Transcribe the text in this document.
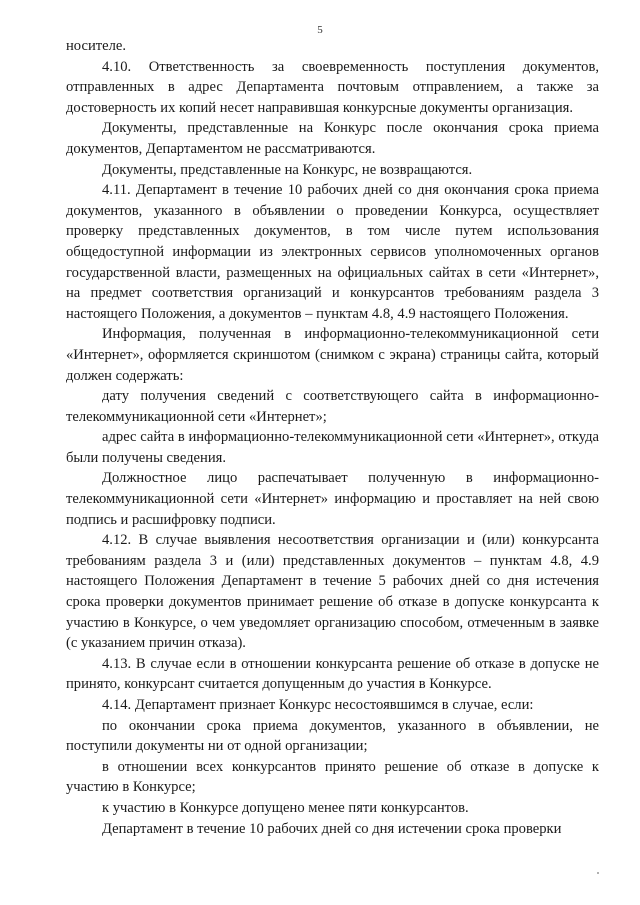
5

носителе.

4.10. Ответственность за своевременность поступления документов, отправленных в адрес Департамента почтовым отправлением, а также за достоверность их копий несет направившая конкурсные документы организация.

Документы, представленные на Конкурс после окончания срока приема документов, Департаментом не рассматриваются.

Документы, представленные на Конкурс, не возвращаются.

4.11. Департамент в течение 10 рабочих дней со дня окончания срока приема документов, указанного в объявлении о проведении Конкурса, осуществляет проверку представленных документов, в том числе путем использования общедоступной информации из электронных сервисов уполномоченных органов государственной власти, размещенных на официальных сайтах в сети «Интернет», на предмет соответствия организаций и конкурсантов требованиям раздела 3 настоящего Положения, а документов – пунктам 4.8, 4.9 настоящего Положения.

Информация, полученная в информационно-телекоммуникационной сети «Интернет», оформляется скриншотом (снимком с экрана) страницы сайта, который должен содержать:

дату получения сведений с соответствующего сайта в информационно-телекоммуникационной сети «Интернет»;

адрес сайта в информационно-телекоммуникационной сети «Интернет», откуда были получены сведения.

Должностное лицо распечатывает полученную в информационно-телекоммуникационной сети «Интернет» информацию и проставляет на ней свою подпись и расшифровку подписи.

4.12. В случае выявления несоответствия организации и (или) конкурсанта требованиям раздела 3 и (или) представленных документов – пунктам 4.8, 4.9 настоящего Положения Департамент в течение 5 рабочих дней со дня истечения срока проверки документов принимает решение об отказе в допуске конкурсанта к участию в Конкурсе, о чем уведомляет организацию способом, отмеченным в заявке (с указанием причин отказа).

4.13. В случае если в отношении конкурсанта решение об отказе в допуске не принято, конкурсант считается допущенным до участия в Конкурсе.

4.14. Департамент признает Конкурс несостоявшимся в случае, если:

по окончании срока приема документов, указанного в объявлении, не поступили документы ни от одной организации;

в отношении всех конкурсантов принято решение об отказе в допуске к участию в Конкурсе;

к участию в Конкурсе допущено менее пяти конкурсантов.

Департамент в течение 10 рабочих дней со дня истечении срока проверки
